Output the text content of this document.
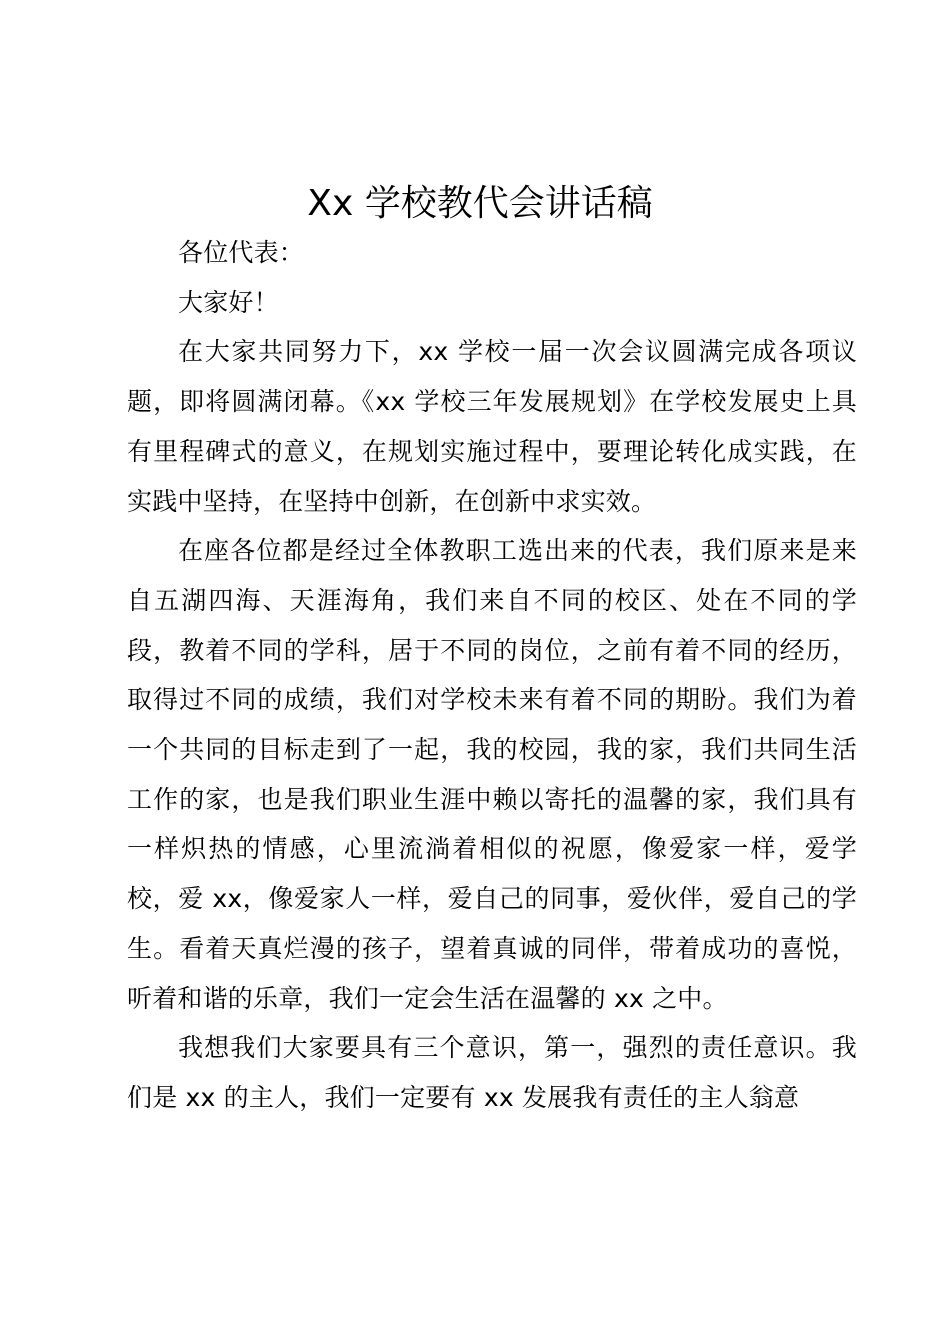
Xx 学校教代会讲话稿

各位代表：

大家好！

在大家共同努力下，xx 学校一届一次会议圆满完成各项议题，即将圆满闭幕。《xx 学校三年发展规划》在学校发展史上具有里程碑式的意义，在规划实施过程中，要理论转化成实践，在实践中坚持，在坚持中创新，在创新中求实效。

在座各位都是经过全体教职工选出来的代表，我们原来是来自五湖四海、天涯海角，我们来自不同的校区、处在不同的学段，教着不同的学科，居于不同的岗位，之前有着不同的经历，取得过不同的成绩，我们对学校未来有着不同的期盼。我们为着一个共同的目标走到了一起，我的校园，我的家，我们共同生活工作的家，也是我们职业生涯中赖以寄托的温馨的家，我们具有一样炽热的情感，心里流淌着相似的祝愿，像爱家一样，爱学校，爱 xx，像爱家人一样，爱自己的同事，爱伙伴，爱自己的学生。看着天真烂漫的孩子，望着真诚的同伴，带着成功的喜悦，听着和谐的乐章，我们一定会生活在温馨的 xx 之中。

我想我们大家要具有三个意识，第一，强烈的责任意识。我们是 xx 的主人，我们一定要有 xx 发展我有责任的主人翁意
